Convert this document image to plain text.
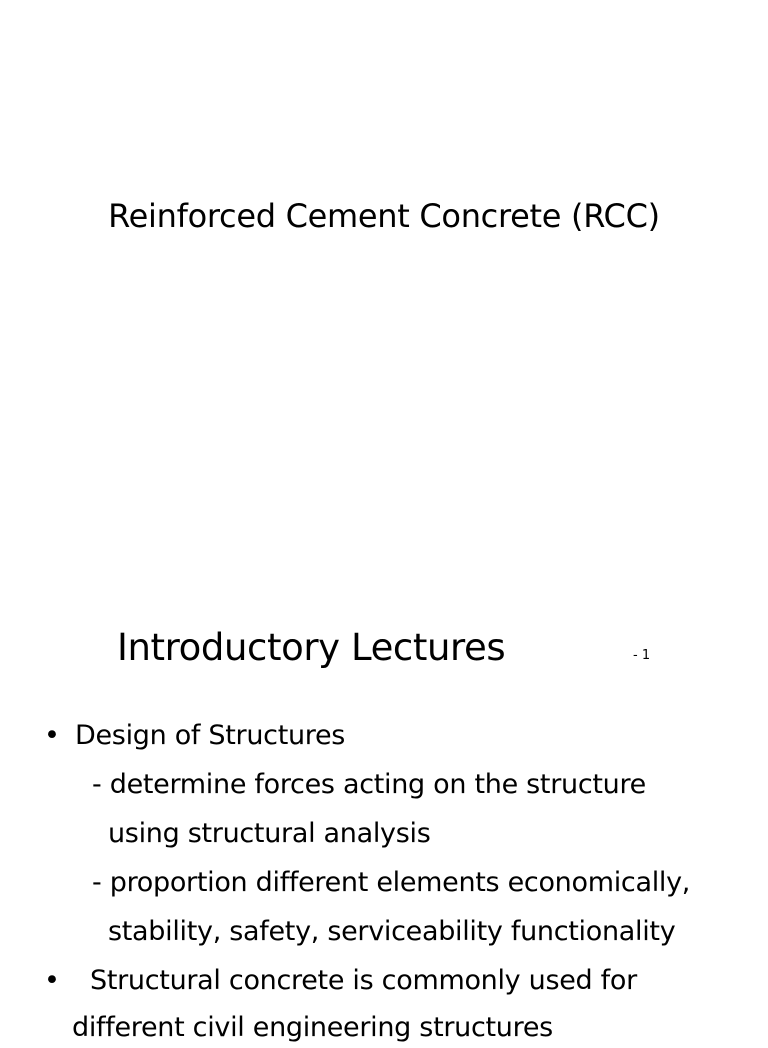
Reinforced Cement Concrete (RCC)
Introductory Lectures	- 1
• Design of Structures
- determine forces acting on the structure
using structural analysis
- proportion different elements economically,
stability, safety, serviceability functionality
• Structural concrete is commonly used for
different civil engineering structures
